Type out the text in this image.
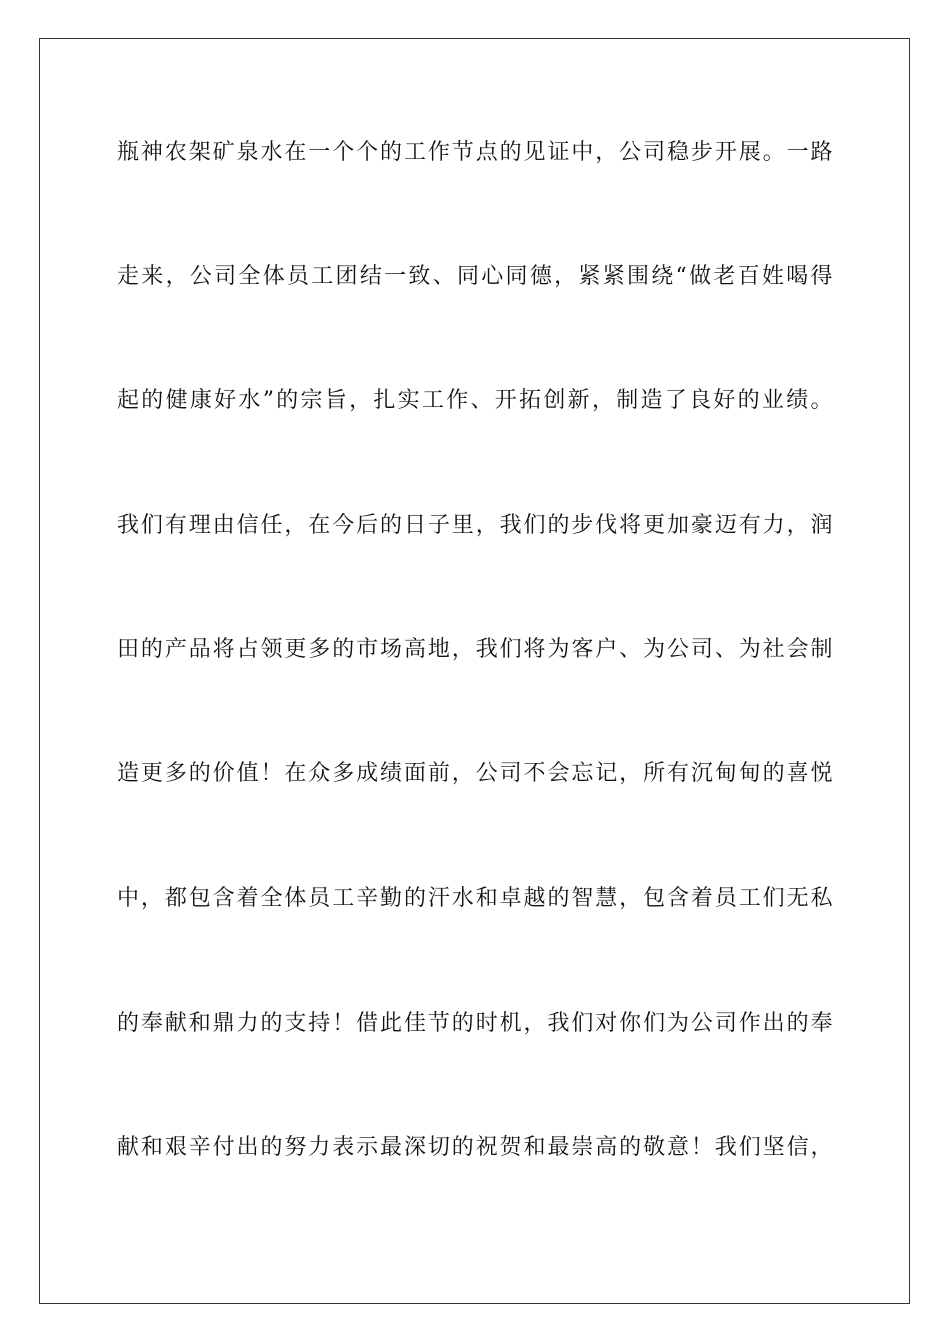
瓶神农架矿泉水在一个个的工作节点的见证中，公司稳步开展。一路
走来，公司全体员工团结一致、同心同德，紧紧围绕“做老百姓喝得
起的健康好水”的宗旨，扎实工作、开拓创新，制造了良好的业绩。
我们有理由信任，在今后的日子里，我们的步伐将更加豪迈有力，润
田的产品将占领更多的市场高地，我们将为客户、为公司、为社会制
造更多的价值！在众多成绩面前，公司不会忘记，所有沉甸甸的喜悦
中，都包含着全体员工辛勤的汗水和卓越的智慧，包含着员工们无私
的奉献和鼎力的支持！借此佳节的时机，我们对你们为公司作出的奉
献和艰辛付出的努力表示最深切的祝贺和最崇高的敬意！我们坚信，
